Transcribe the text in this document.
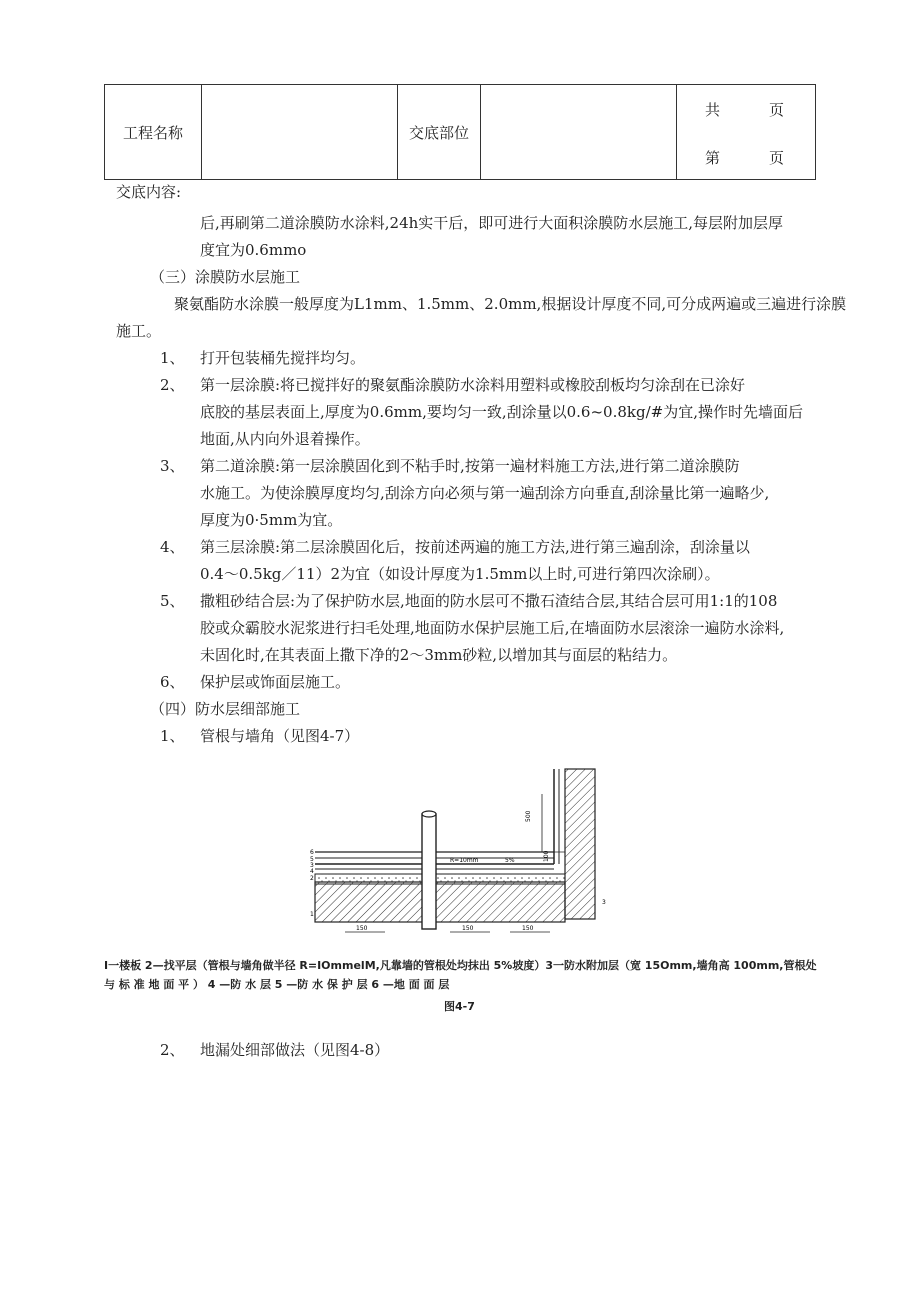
工程名称		交底部位		
共	页
第	页
交底内容:
后,再刷第二道涂膜防水涂料,24h实干后，即可进行大面积涂膜防水层施工,每层附加层厚
度宜为0.6mmo
（三）涂膜防水层施工
聚氨酯防水涂膜一般厚度为L1mm、1.5mm、2.0mm,根据设计厚度不同,可分成两遍或三遍进行涂膜
施工。
1、 打开包装桶先搅拌均匀。
2、 第一层涂膜:将已搅拌好的聚氨酯涂膜防水涂料用塑料或橡胶刮板均匀涂刮在已涂好
底胶的基层表面上,厚度为0.6mm,要均匀一致,刮涂量以0.6~0.8kg/#为宜,操作时先墙面后
地面,从内向外退着操作。
3、 第二道涂膜:第一层涂膜固化到不粘手时,按第一遍材料施工方法,进行第二道涂膜防
水施工。为使涂膜厚度均匀,刮涂方向必须与第一遍刮涂方向垂直,刮涂量比第一遍略少,
厚度为0·5mm为宜。
4、 第三层涂膜:第二层涂膜固化后，按前述两遍的施工方法,进行第三遍刮涂，刮涂量以
0.4～0.5kg／11）2为宜（如设计厚度为1.5mm以上时,可进行第四次涂刷）。
5、 撒粗砂结合层:为了保护防水层,地面的防水层可不撒石渣结合层,其结合层可用1:1的108
胶或众霸胶水泥浆进行扫毛处理,地面防水保护层施工后,在墙面防水层滚涂一遍防水涂料,
未固化时,在其表面上撒下净的2～3mm砂粒,以增加其与面层的粘结力。
6、 保护层或饰面层施工。
（四）防水层细部施工
1、 管根与墙角（见图4-7）
500
100
R=10mm	5%
150	150	150
6
5
3
4
2
1
3
I一楼板 2—找平层（管根与墙角做半径 R=IOmmelM,凡靠墙的管根处均抹出 5%坡度）3一防水附加层（宽 15Omm,墙角高 100mm,管根处
与 标 准 地 面 平 ） 4 —防 水 层 5 —防 水 保 护 层 6 —地 面 面 层
图4-7
2、 地漏处细部做法（见图4-8）
